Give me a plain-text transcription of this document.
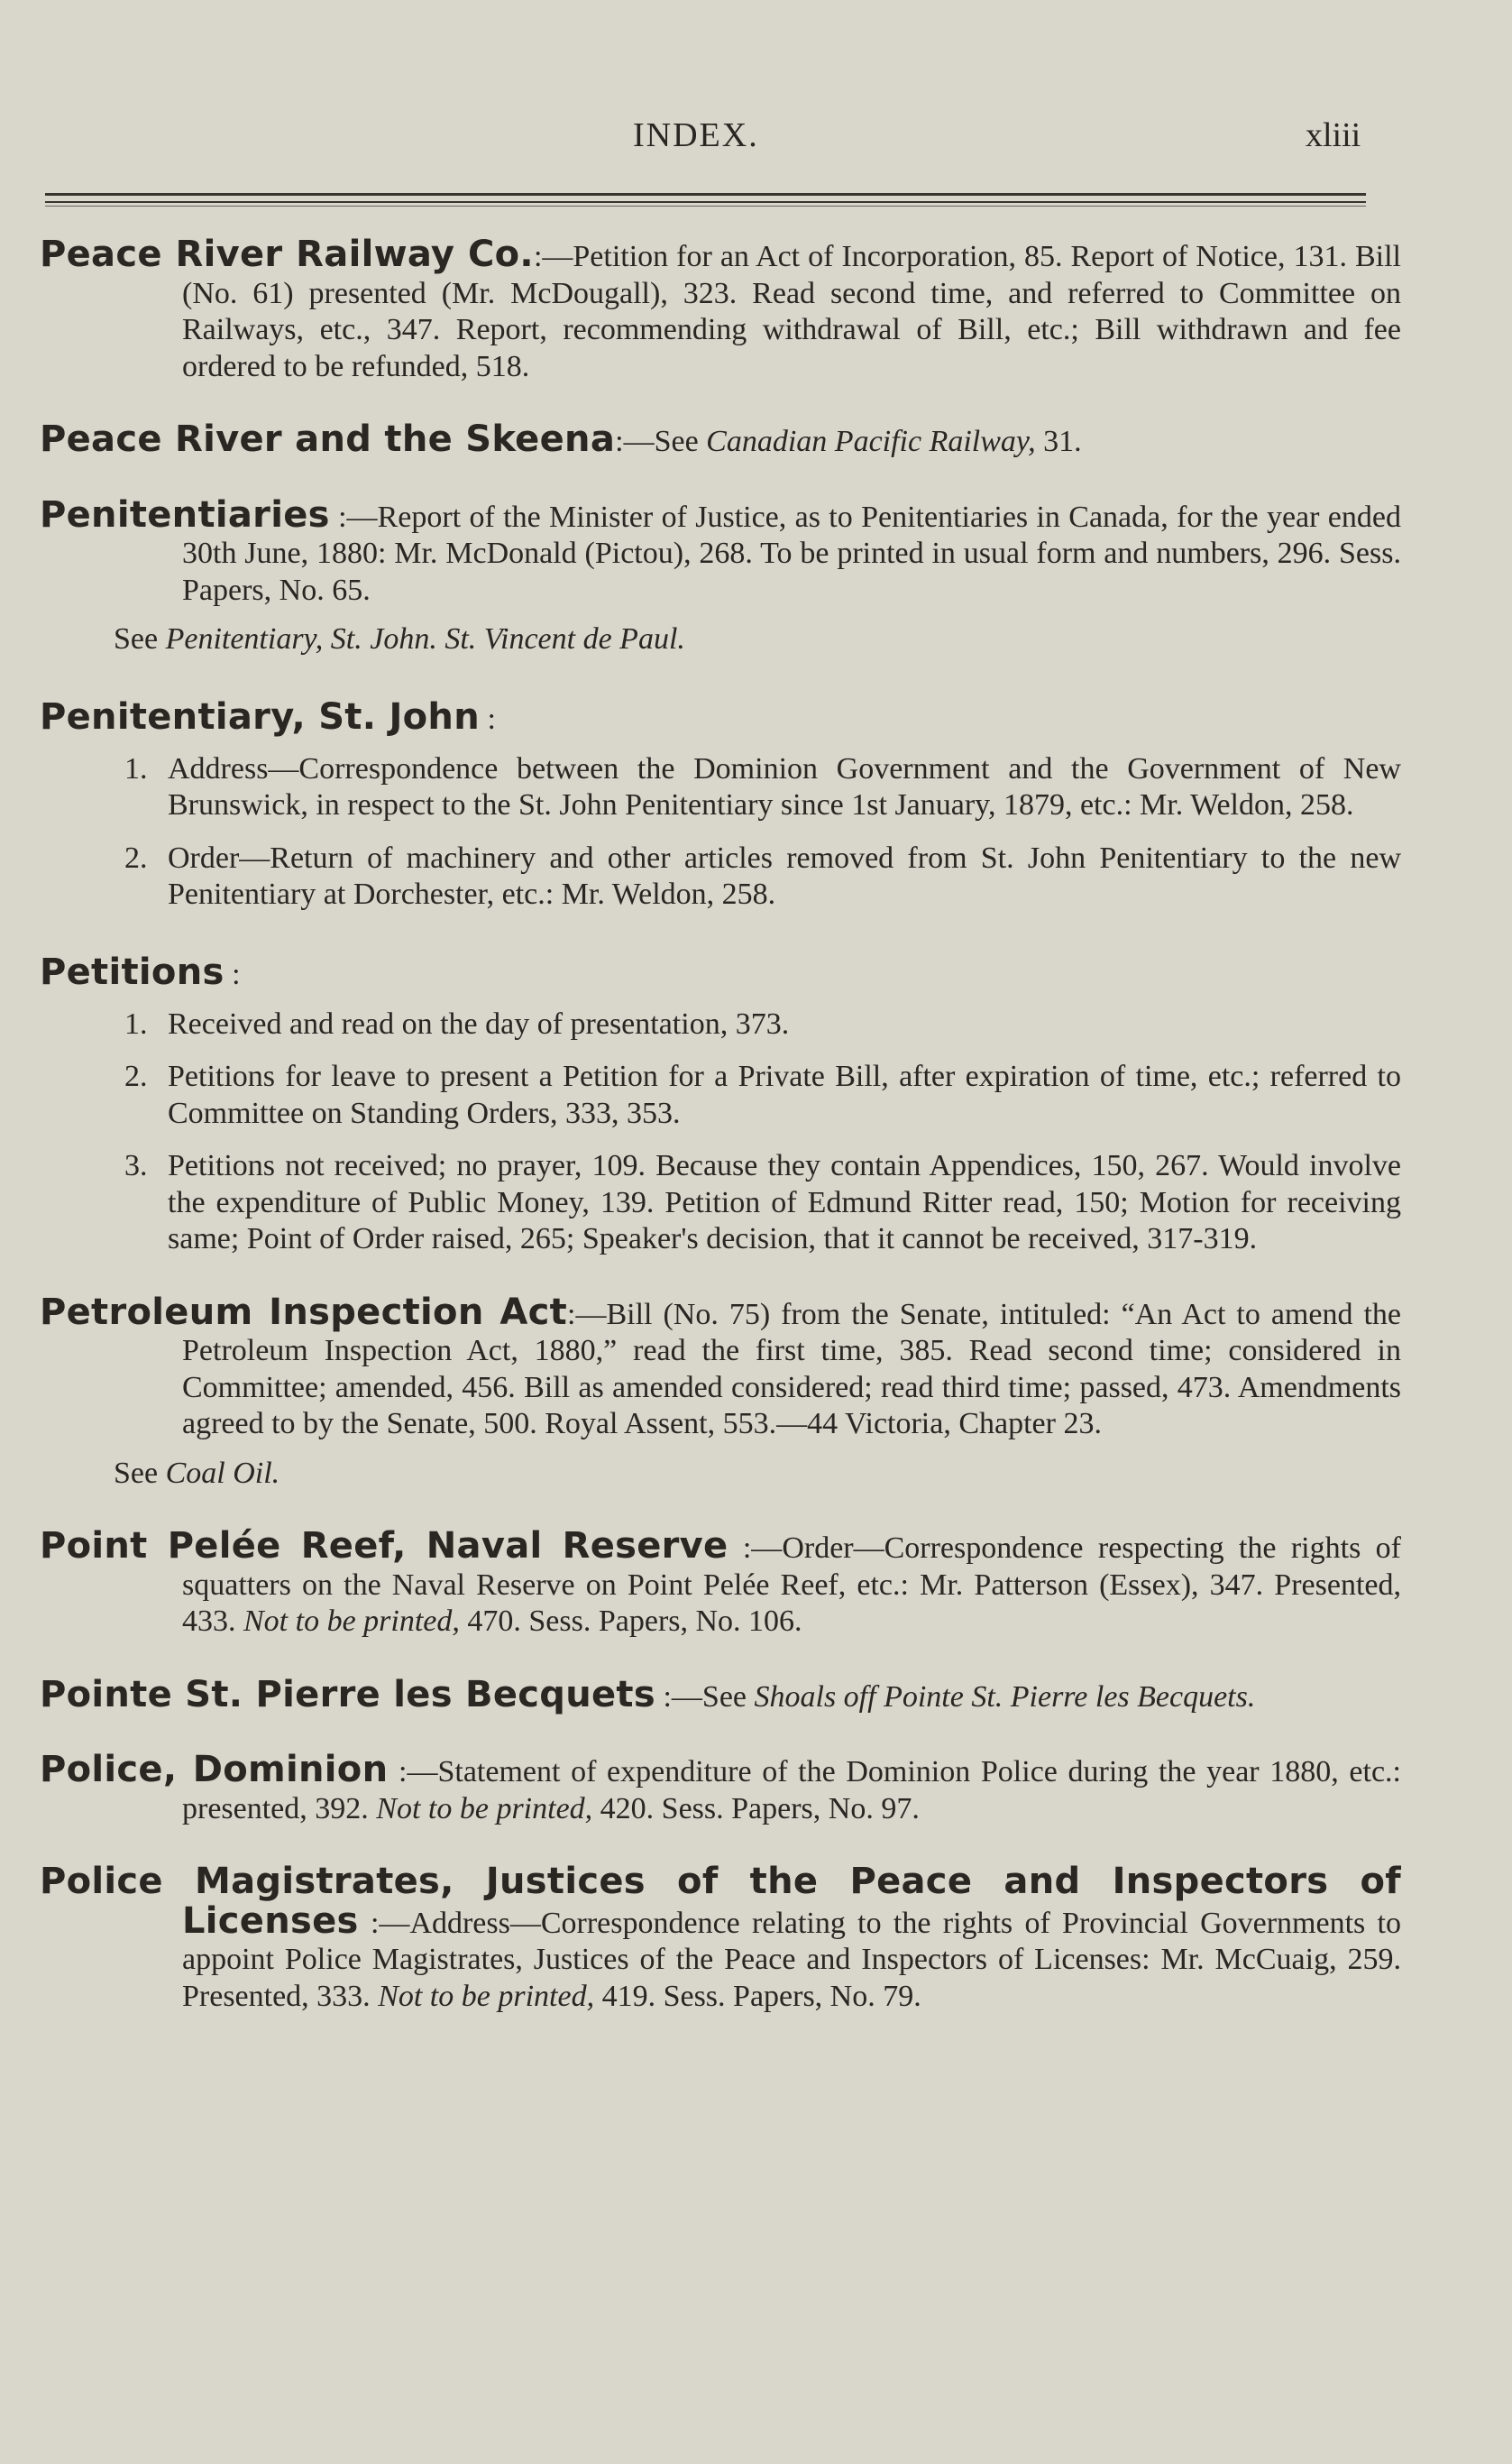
INDEX.	xliii

Peace River Railway Co.:—Petition for an Act of Incorporation, 85. Report of Notice, 131. Bill (No. 61) presented (Mr. McDougall), 323. Read second time, and referred to Committee on Railways, etc., 347. Report, recommending withdrawal of Bill, etc.; Bill withdrawn and fee ordered to be refunded, 518.

Peace River and the Skeena:—See Canadian Pacific Railway, 31.

Penitentiaries :—Report of the Minister of Justice, as to Penitentiaries in Canada, for the year ended 30th June, 1880: Mr. McDonald (Pictou), 268. To be printed in usual form and numbers, 296. Sess. Papers, No. 65.

See Penitentiary, St. John. St. Vincent de Paul.

Penitentiary, St. John :

1. Address—Correspondence between the Dominion Government and the Government of New Brunswick, in respect to the St. John Penitentiary since 1st January, 1879, etc.: Mr. Weldon, 258.

2. Order—Return of machinery and other articles removed from St. John Penitentiary to the new Penitentiary at Dorchester, etc.: Mr. Weldon, 258.

Petitions :

1. Received and read on the day of presentation, 373.

2. Petitions for leave to present a Petition for a Private Bill, after expiration of time, etc.; referred to Committee on Standing Orders, 333, 353.

3. Petitions not received; no prayer, 109. Because they contain Appendices, 150, 267. Would involve the expenditure of Public Money, 139. Petition of Edmund Ritter read, 150; Motion for receiving same; Point of Order raised, 265; Speaker's decision, that it cannot be received, 317-319.

Petroleum Inspection Act:—Bill (No. 75) from the Senate, intituled: “An Act to amend the Petroleum Inspection Act, 1880,” read the first time, 385. Read second time; considered in Committee; amended, 456. Bill as amended considered; read third time; passed, 473. Amendments agreed to by the Senate, 500. Royal Assent, 553.—44 Victoria, Chapter 23.

See Coal Oil.

Point Pelée Reef, Naval Reserve :—Order—Correspondence respecting the rights of squatters on the Naval Reserve on Point Pelée Reef, etc.: Mr. Patterson (Essex), 347. Presented, 433. Not to be printed, 470. Sess. Papers, No. 106.

Pointe St. Pierre les Becquets :—See Shoals off Pointe St. Pierre les Becquets.

Police, Dominion :—Statement of expenditure of the Dominion Police during the year 1880, etc.: presented, 392. Not to be printed, 420. Sess. Papers, No. 97.

Police Magistrates, Justices of the Peace and Inspectors of Licenses :—Address—Correspondence relating to the rights of Provincial Governments to appoint Police Magistrates, Justices of the Peace and Inspectors of Licenses: Mr. McCuaig, 259. Presented, 333. Not to be printed, 419. Sess. Papers, No. 79.
